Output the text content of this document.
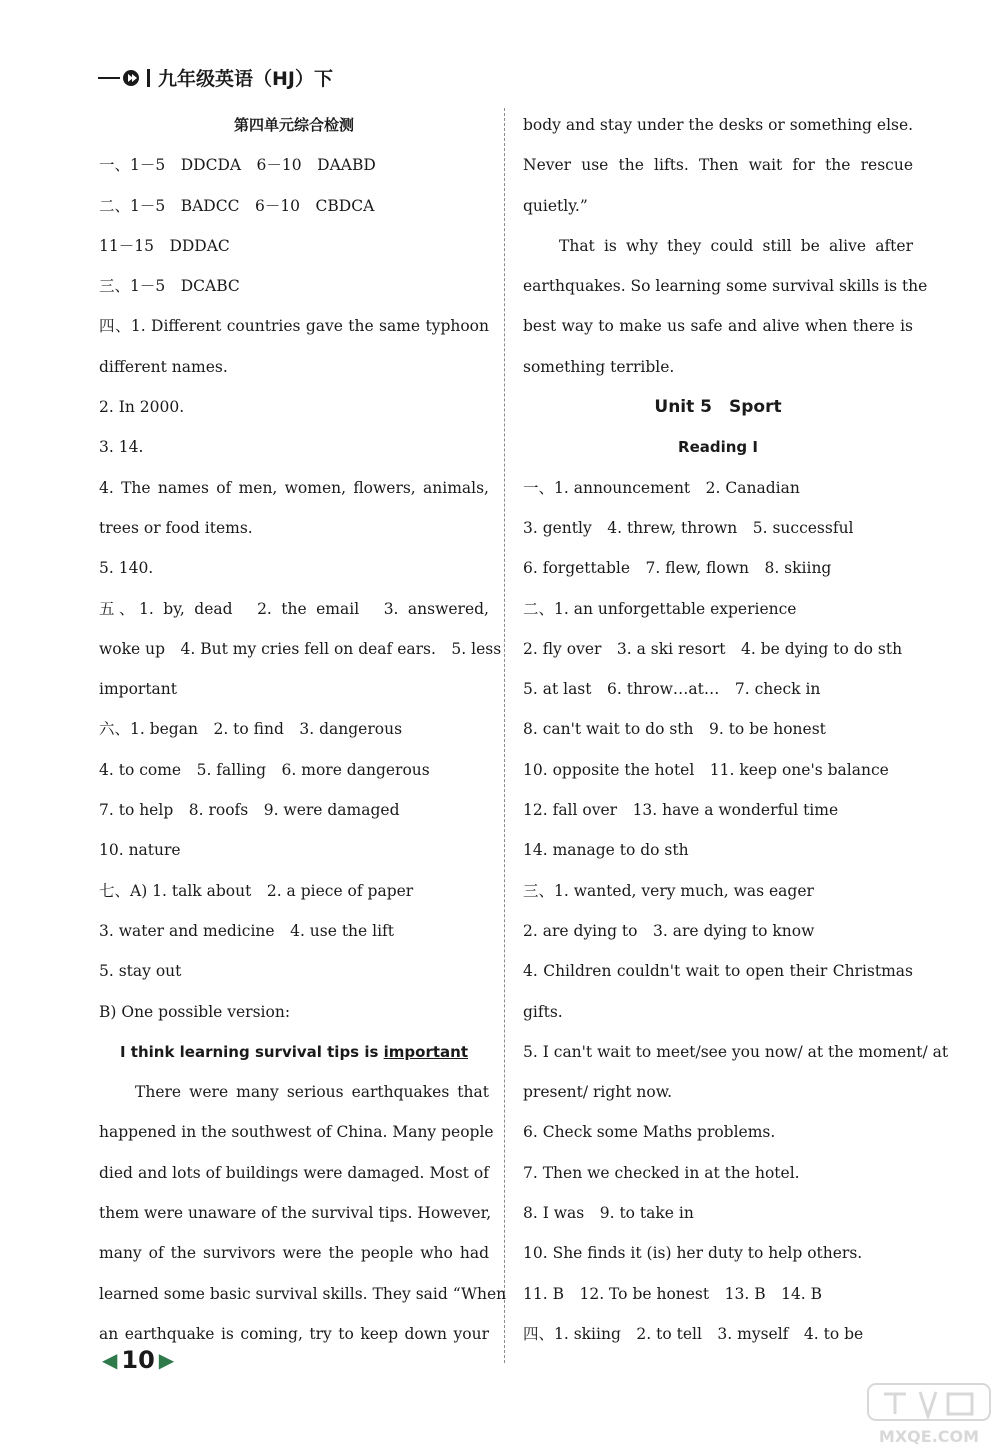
九年级英语（HJ）下
第四单元综合检测
一、1－5　DDCDA　6－10　DAABD
二、1－5　BADCC　6－10　CBDCA
11－15　DDDAC
三、1－5　DCABC
四、1. Different countries gave the same typhoon
different names.
2. In 2000.
3. 14.
4. The names of men, women, flowers, animals,
trees or food items.
5. 140.
五、1. by, dead　2. the email　3. answered,
woke up　4. But my cries fell on deaf ears.　5. less
important
六、1. began　2. to find　3. dangerous
4. to come　5. falling　6. more dangerous
7. to help　8. roofs　9. were damaged
10. nature
七、A) 1. talk about　2. a piece of paper
3. water and medicine　4. use the lift
5. stay out
B) One possible version:
I think learning survival tips is important
There were many serious earthquakes that
happened in the southwest of China. Many people
died and lots of buildings were damaged. Most of
them were unaware of the survival tips. However,
many of the survivors were the people who had
learned some basic survival skills. They said “When
an earthquake is coming, try to keep down your
body and stay under the desks or something else.
Never use the lifts. Then wait for the rescue
quietly.”
That is why they could still be alive after
earthquakes. So learning some survival skills is the
best way to make us safe and alive when there is
something terrible.
Unit 5　Sport
Reading Ⅰ
一、1. announcement　2. Canadian
3. gently　4. threw, thrown　5. successful
6. forgettable　7. flew, flown　8. skiing
二、1. an unforgettable experience
2. fly over　3. a ski resort　4. be dying to do sth
5. at last　6. throw…at…　7. check in
8. can't wait to do sth　9. to be honest
10. opposite the hotel　11. keep one's balance
12. fall over　13. have a wonderful time
14. manage to do sth
三、1. wanted, very much, was eager
2. are dying to　3. are dying to know
4. Children couldn't wait to open their Christmas
gifts.
5. I can't wait to meet/see you now/ at the moment/ at
present/ right now.
6. Check some Maths problems.
7. Then we checked in at the hotel.
8. I was　9. to take in
10. She finds it (is) her duty to help others.
11. B　12. To be honest　13. B　14. B
四、1. skiing　2. to tell　3. myself　4. to be
◀ 10 ▶
MXQE.COM
